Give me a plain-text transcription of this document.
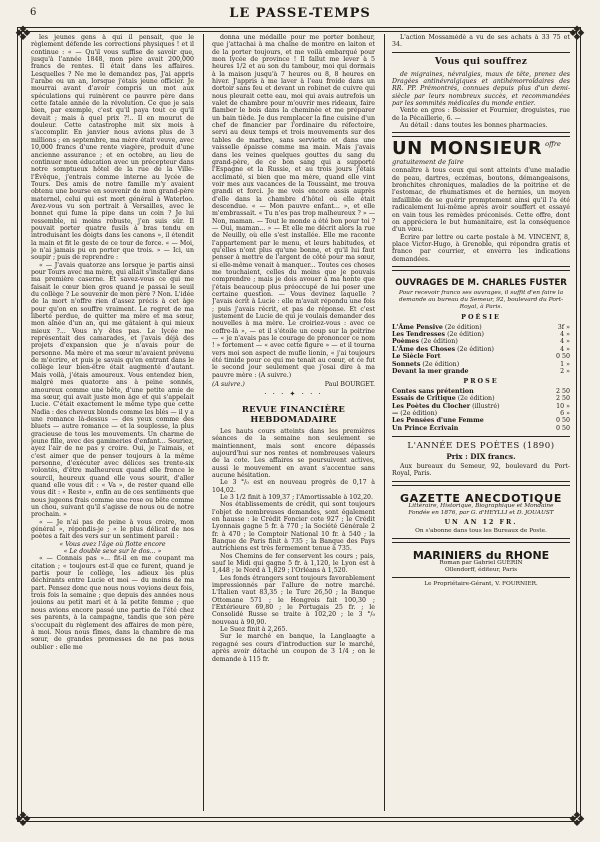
❖	❖
❖	❖
6	LE PASSE-TEMPS

les jeunes gens à qui il pensait, que le règlement défende les corrections physiques ! et il continue : « — Qu'il vous suffise de savoir que, jusqu'à l'année 1848, mon père avait 200,000 francs de rentes. Il était dans les affaires. Lesquelles ? Ne me le demandez pas, J'ai appris l'arabe ou un an, lorsque j'étais jeune officier. Je mourrai avant d'avoir compris un mot aux spéculations qui ruinèrent ce pauvre père dans cette fatale année de la révolution. Ce que je sais bien, par exemple, c'est qu'il paya tout ce qu'il devait ; mais à quel prix ?!.. Il en mourut de douleur. Cette catastrophe mit six mois à s'accomplir. En janvier nous avions plus de 3 millions ; en septembre, ma mère était veuve, avec 10,000 francs d'une rente viagère, produit d'une ancienne assurance ; et en octobre, au lieu de continuer mon éducation avec un précepteur dans notre somptueux hôtel de la rue de la Ville-l'Évêque, j'entrais comme interne au lycée de Tours. Des amis de notre famille m'y avaient obtenu une bourse en souvenir de mon grand-père maternel, celui qui est mort général à Waterloo. Avez-vous vu son portrait à Versailles, avec le bonnet qui fume la pipe dans un coin ? Je lui ressemble, ni moins robuste, j'en suis sûr. Il pouvait porter quatre fusils à bras tendu en introduisant les doigts dans les canons », il étendit la main et fit le geste de ce tour de force. « — Moi, je n'ai jamais pu en porter que trois. » — Ici, un soupir ; puis de reprendre :

« — J'avais quatorze ans lorsque je partis ainsi pour Tours avec ma mère, qui allait s'installer dans ma première caserne. Et savez-vous ce qui me faisait le cœur bien gros quand je passai le seuil du collège ? Le souvenir de mon père ? Non. L'idée de la mort n'offre rien d'assez précis à cet âge pour qu'on en souffre vraiment. Le regret de ma liberté perdue, de quitter ma mère et ma sœur, mon aînée d'un an, qui me gâtaient à qui mieux mieux ?... Vous n'y êtes pas. Le lycée me représentait des camarades, et j'avais déjà des projets d'expansion que je n'avais pour de personne. Ma mère et ma sœur m'avaient prévenu de m'écrire, et puis je savais qu'en entrant dans le collège leur bien-être était augmenté d'autant. Mais voilà, j'étais amoureux. Vous entendez bien, malgré mes quatorze ans à peine sonnés, amoureux comme une bête, d'une petite amie de ma sœur, qui avait juste mon âge et qui s'appelait Lucie. C'était exactement le même type que cette Nadia : des cheveux blonds comme les blés — il y a une romance là-dessus — des yeux comme des bluets — autre romance — et la souplesse, la plus gracieuse de tous les mouvements. Un charme de jeune fille, avec des gamineries d'enfant... Souriez, ayez l'air de ne pas y croire. Oui, je l'aimais, et c'est aimer que de penser toujours à la même personne, d'exécuter avec délices ses trente-six volontés, d'être malheureux quand elle fronce le sourcil, heureux quand elle vous sourit, d'aller quand elle vous dit : « Va », de rester quand elle vous dit : « Reste », enfin au de ces sentiments que nous jugeons frais comme une rose ou bête comme un chou, suivant qu'il s'agisse de nous ou de notre prochain. »

« — Je n'ai pas de peine à vous croire, mon général », répondis-je ; « le plus délicat de nos poètes a fait des vers sur un sentiment pareil :

« Vous avez l'âge où flotte encore

« Le double sexe sur le dos... »

« — Connais pas »... fit-il en me coupant ma citation ; « toujours est-il que ce furent, quand je partis pour le collège, les adieux les plus déchirants entre Lucie et moi — du moins de ma part. Pensez donc que nous nous voyions deux fois, trois fois la semaine ; que depuis des années nous jouions au petit mari et à la petite femme ; que nous avions encore passé une partie de l'été chez ses parents, à la campagne, tandis que son père s'occupait du règlement des affaires de mon père, à moi. Nous nous fîmes, dans la chambre de ma sœur, de grandes promesses de ne pas nous oublier : elle me

donna une médaille pour me porter bonheur, que j'attachai à ma chaîne de montre en laiton et de la porter toujours, et me voilà embarqué pour mon lycée de province ! Il fallut me lever à 5 heures 1/2 et au son du tambour, moi qui dormais à la maison jusqu'à 7 heures ou 8, 8 heures en hiver. J'appris à me laver à l'eau froide dans un dortoir sans feu et devant un robinet de cuivre qui nous pleurait cette eau, moi qui avais autrefois un valet de chambre pour m'ouvrir mes rideaux, faire flamber le bois dans la cheminée et me préparer un bain tiède. Je dus remplacer la fine cuisine d'un chef de financier par l'ordinaire du réfectoire, servi au deux temps et trois mouvements sur des tables de marbre, sans serviette et dans une vaisselle épaisse comme ma main. Mais j'avais dans les veines quelques gouttes du sang du grand-père, de ce bon sang qui a supporté l'Espagne et la Russie, et au trois jours j'étais acclimaté, si bien que ma mère, quand elle vint voir mes aux vacances de la Toussaint, me trouva grandi et forci. Je me vois encore assis auprès d'elle dans la chambre d'hôtel où elle était descendue. « — Mon pauvre enfant... », et elle m'embrassait. « Tu n'es pas trop malheureux ? » — Non, maman. — Tout le monde a été bon pour toi ? — Oui, maman... » — Et elle me décrit alors la rue de Neuilly, où elle s'est installée. Elle me raconte l'appartement par le menu, et leurs habitudes, et qu'elles n'ont plus qu'une bonne, et qu'il lui faut penser à mettre de l'argent de côté pour ma sœur, si elle-même venait à manquer... Toutes ces choses me touchaient, celles du moins que je pouvais comprendre ; mais je dois avouer à ma honte que j'étais beaucoup plus préoccupé de lui poser une certaine question. — Vous devinez laquelle ? J'avais écrit à Lucie : elle m'avait répondu une fois ; puis j'avais récrit, et pas de réponse. Et c'est justement de Lucie de qui je voulais demander des nouvelles à ma mère. Le croiriez-vous : avec ce coffre-là », — et il s'étoile un coup sur la poitrine — « je n'avais pas le courage de prononcer ce nom ! » fortement — « avec cette figure » — et il tourna vers moi son aspect de mufle lionin, « j'ai toujours été timide pour ce qui me tenait au cœur, et ce fut le second jour seulement que j'osai dire à ma pauvre mère : (A suivre.)

(A suivre.)	Paul BOURGET.
· · · ✦ · · ·
REVUE FINANCIÈRE HEBDOMADAIRE

Les hauts cours atteints dans les premières séances de la semaine non seulement se maintiennent, mais sont encore dépassés aujourd'hui sur nos rentes et nombreuses valeurs de la cote. Les affaires se poursuivent actives, aussi le mouvement en avant s'accentue sans aucune hésitation.

Le 3 °/₀ est en nouveau progrès de 0,17 à 104,02.

Le 3 1/2 finit à 109,37 ; l'Amortissable à 102,20.

Nos établissements de crédit, qui sont toujours l'objet de nombreuses demandes, sont également en hausse : le Crédit Foncier cote 927 ; le Crédit Lyonnais gagne 5 fr. à 770 ; la Société Générale 2 fr. à 470 ; le Comptoir National 10 fr. à 540 ; la Banque de Paris finit à 735 ; la Banque des Pays autrichiens est très fermement tenue à 735.

Nos Chemins de fer conservent les cours ; pais, sauf le Midi qui gagne 5 fr. à 1,120, le Lyon est à 1,448 ; le Nord à 1,829 ; l'Orléans à 1,520.

Les fonds étrangers sont toujours favorablement impressionnés par l'allure de notre marché. L'Italien vaut 83,35 ; le Turc 26,50 ; la Banque Ottomane 571 ; le Hongrois fait 100,30 ; l'Extérieure 69,80 ; le Portugais 25 fr. ; le Consolidé Russe se traite à 102,20 ; le 3 °/₀ nouveau à 90,90.

Le Suez finit à 2,265.

Sur le marché en banque, la Langlaagte a regagné ses cours d'introduction sur le marché, après avoir détaché un coupon de 3 1/4 ; on le demande à 115 fr.

L'action Mossamédè a vu de ses achats à 33 75 et 34.

Vous qui souffrez

de migraines, névralgies, maux de tête, prenez des Dragées antinévralgiques et antihémorroïdaires des RR. PP. Prémontrés, connues depuis plus d'un demi-siècle par leurs nombreux succès, et recommandées par les sommités médicales du monde entier.

Vente en gros : Boissier et Fournier, droguistes, rue de la Pécaillerie, 6. —

Au détail : dans toutes les bonnes pharmacies.

UN MONSIEUR offre gratuitement de faire

connaître à tous ceux qui sont atteints d'une maladie de peau, dartres, eczémas, boutons, démangeaisons, bronchites chroniques, maladies de la poitrine et de l'estomac, de rhumatismes et de hernies, un moyen infaillible de se guérir promptement ainsi qu'il l'a été radicalement lui-même après avoir souffert et essayé en vain tous les remèdes préconisés. Cette offre, dont on appréciera le but humanitaire, est la conséquence d'un vœu.

Écrire par lettre ou carte postale à M. VINCENT, 8, place Victor-Hugo, à Grenoble, qui répondra gratis et franco par courrier, et enverra les indications demandées.

OUVRAGES DE M. CHARLES FUSTER

Pour recevoir franco ses ouvrages, il suffit d'en faire la demande au bureau du Semeur, 92, boulevard du Port-Royal, à Paris.

POÉSIE
L'Âme Pensive (2e édition)	3f »
Les Tendresses (2e édition)	4 »
Poèmes (2e édition)	4 »
L'Âme des Choses (2e édition)	4 »
Le Siècle Fort	0 50
Sonnets (2e édition)	1 »
Devant la mer grande	2 »
PROSE
Contes sans prétention	2 50
Essais de Critique (2e édition)	2 50
Les Poètes du Clocher (illustré)	10 »
— (2e édition)	6 »
Les Pensées d'une Femme	0 50
Un Prince Écrivain	0 50
L'ANNÉE DES POÈTES (1890)
Prix : DIX francs.

Aux bureaux du Semeur, 92, boulevard du Port-Royal, Paris.

GAZETTE ANECDOTIQUE

Littéraire, Historique, Biographique et Mondaine

Fondée en 1876, par G. d'HEYLLI et D. JOUAUST

UN AN 12 FR.

On s'abonne dans tous les Bureaux de Poste.

MARINIERS du RHONE

Roman par Gabriel GUÉRIN

Ollendorff, éditeur, Paris

Le Propriétaire-Gérant, V. FOURNIER.
